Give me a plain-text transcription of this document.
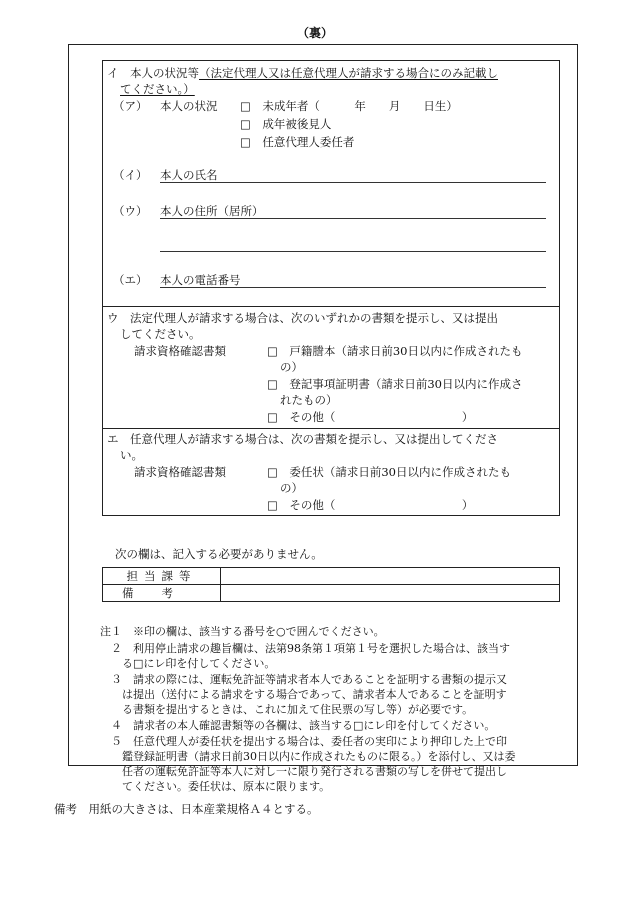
（裏）
イ　本人の状況等（法定代理人又は任意代理人が請求する場合にのみ記載し
てください。）
（ア） 本人の状況 □　未成年者（　　　年　　月　　日生）
□　成年被後見人
□　任意代理人委任者
（イ） 本人の氏名
（ウ） 本人の住所（居所）
（エ） 本人の電話番号
ウ　法定代理人が請求する場合は、次のいずれかの書類を提示し、又は提出
してください。
請求資格確認書類	□　戸籍謄本（請求日前30日以内に作成されたも
の）
□　登記事項証明書（請求日前30日以内に作成さ
れたもの）
□　その他（　　　　　　　　　　　）
エ　任意代理人が請求する場合は、次の書類を提示し、又は提出してくださ
い。
請求資格確認書類	□　委任状（請求日前30日以内に作成されたも
の）
□　その他（　　　　　　　　　　　）
次の欄は、記入する必要がありません。
担当課等	
備考	
注１　※印の欄は、該当する番号を○で囲んでください。
２　利用停止請求の趣旨欄は、法第98条第１項第１号を選択した場合は、該当す
る□にレ印を付してください。
３　請求の際には、運転免許証等請求者本人であることを証明する書類の提示又
は提出（送付による請求をする場合であって、請求者本人であることを証明す
る書類を提出するときは、これに加えて住民票の写し等）が必要です。
４　請求者の本人確認書類等の各欄は、該当する□にレ印を付してください。
５　任意代理人が委任状を提出する場合は、委任者の実印により押印した上で印
鑑登録証明書（請求日前30日以内に作成されたものに限る。）を添付し、又は委
任者の運転免許証等本人に対し一に限り発行される書類の写しを併せて提出し
てください。委任状は、原本に限ります。
備考　用紙の大きさは、日本産業規格Ａ４とする。
